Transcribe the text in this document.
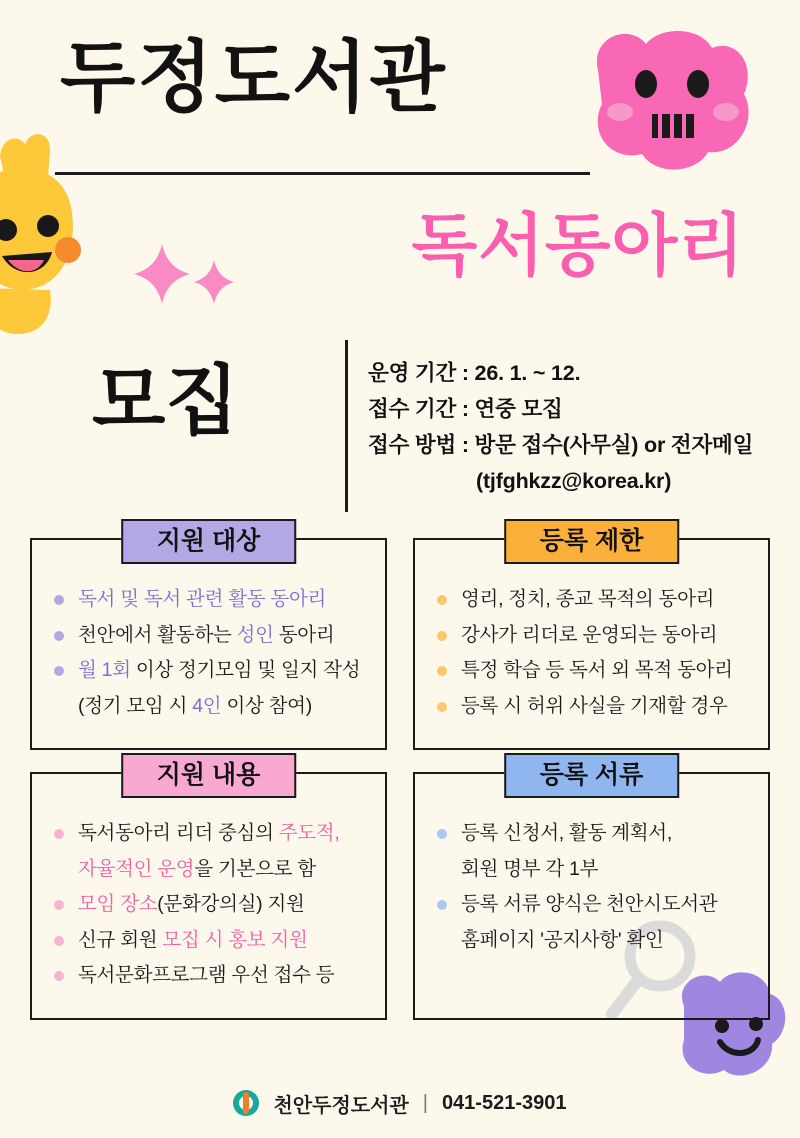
두정도서관
독서동아리
모집	운영 기간 : 26. 1. ~ 12.
접수 기간 : 연중 모집
접수 방법 : 방문 접수(사무실) or 전자메일
(tjfghkzz@korea.kr)
지원 대상
독서 및 독서 관련 활동 동아리
천안에서 활동하는 성인 동아리
월 1회 이상 정기모임 및 일지 작성
(정기 모임 시 4인 이상 참여)
등록 제한
영리, 정치, 종교 목적의 동아리
강사가 리더로 운영되는 동아리
특정 학습 등 독서 외 목적 동아리
등록 시 허위 사실을 기재할 경우
지원 내용
독서동아리 리더 중심의 주도적,
자율적인 운영을 기본으로 함
모임 장소(문화강의실) 지원
신규 회원 모집 시 홍보 지원
독서문화프로그램 우선 접수 등
등록 서류
등록 신청서, 활동 계획서,
회원 명부 각 1부
등록 서류 양식은 천안시도서관
홈페이지 '공지사항' 확인
천안두정도서관 | 041-521-3901
